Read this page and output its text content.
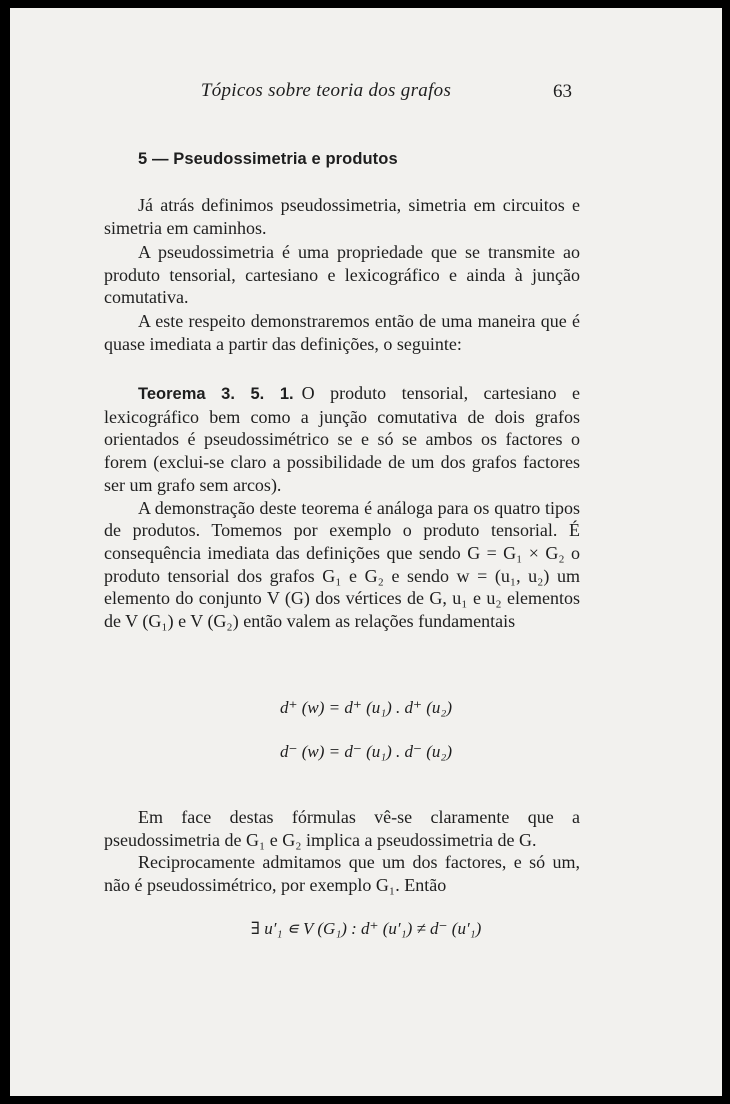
Tópicos sobre teoria dos grafos	63
5 — Pseudossimetria e produtos

Já atrás definimos pseudossimetria, simetria em circuitos e simetria em caminhos.

A pseudossimetria é uma propriedade que se transmite ao produto tensorial, cartesiano e lexicográfico e ainda à junção comutativa.

A este respeito demonstraremos então de uma maneira que é quase imediata a partir das definições, o seguinte:

Teorema 3. 5. 1. O produto tensorial, cartesiano e lexicográfico bem como a junção comutativa de dois grafos orientados é pseudossimétrico se e só se ambos os factores o forem (exclui-se claro a possibilidade de um dos grafos factores ser um grafo sem arcos).

A demonstração deste teorema é análoga para os quatro tipos de produtos. Tomemos por exemplo o produto tensorial. É consequência imediata das definições que sendo G = G₁ × G₂ o produto tensorial dos grafos G₁ e G₂ e sendo w = (u₁, u₂) um elemento do conjunto V (G) dos vértices de G, u₁ e u₂ elementos de V (G₁) e V (G₂) então valem as relações fundamentais

d⁺ (w) = d⁺ (u₁) . d⁺ (u₂)
d⁻ (w) = d⁻ (u₁) . d⁻ (u₂)

Em face destas fórmulas vê-se claramente que a pseudossimetria de G₁ e G₂ implica a pseudossimetria de G.

Reciprocamente admitamos que um dos factores, e só um, não é pseudossimétrico, por exemplo G₁. Então

∃ u′₁ ∊ V (G₁) : d⁺ (u′₁) ≠ d⁻ (u′₁)
